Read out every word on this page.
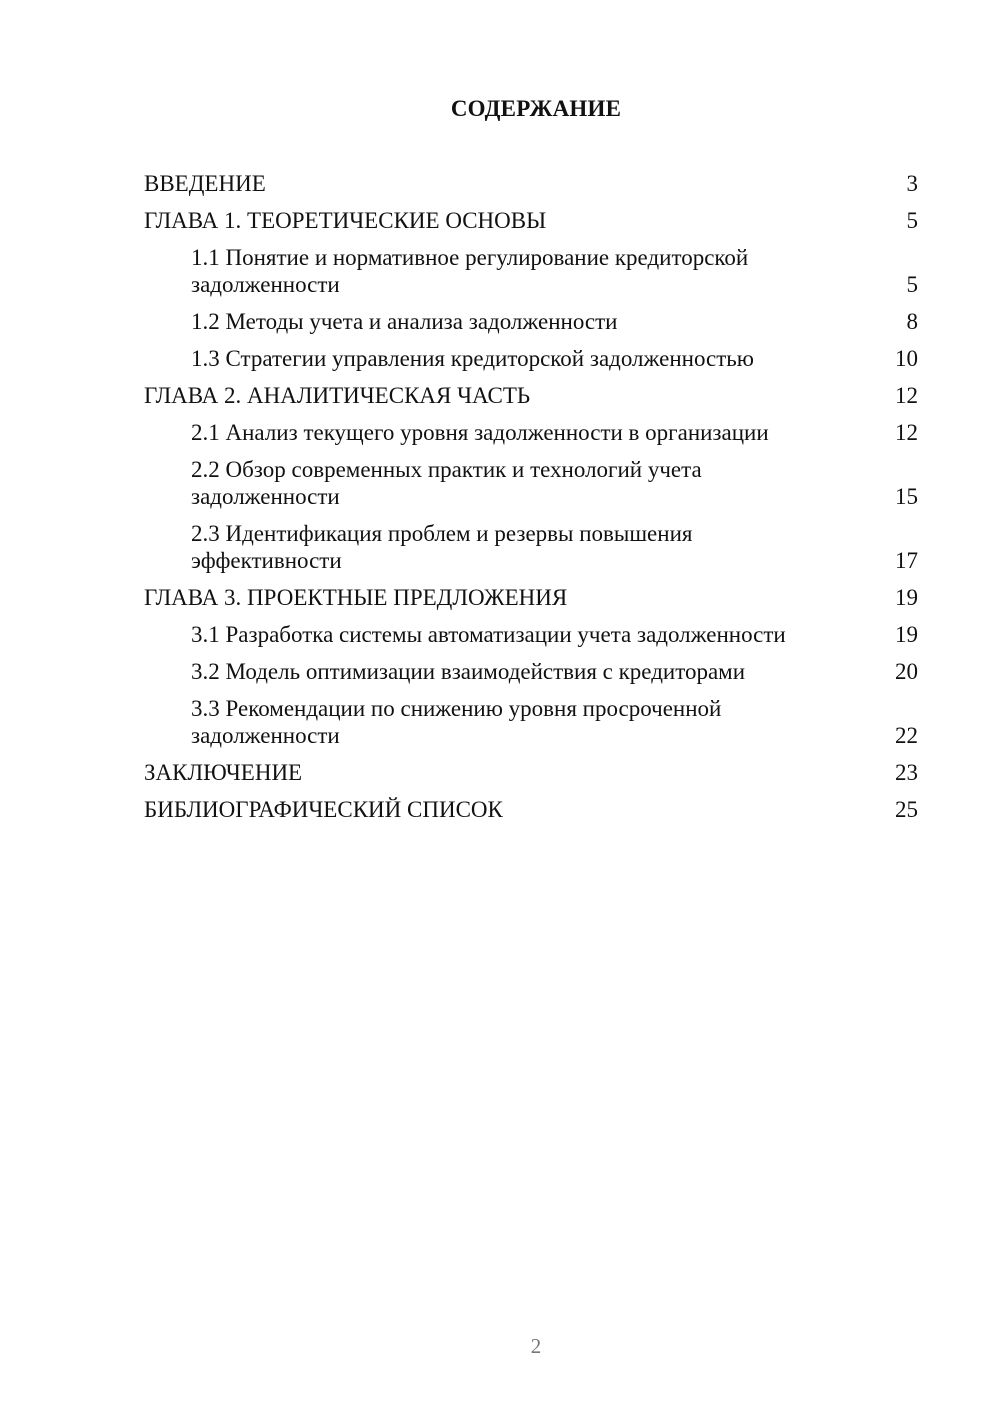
СОДЕРЖАНИЕ
ВВЕДЕНИЕ	3
ГЛАВА 1. ТЕОРЕТИЧЕСКИЕ ОСНОВЫ	5
1.1 Понятие и нормативное регулирование кредиторской задолженности	5
1.2 Методы учета и анализа задолженности	8
1.3 Стратегии управления кредиторской задолженностью	10
ГЛАВА 2. АНАЛИТИЧЕСКАЯ ЧАСТЬ	12
2.1 Анализ текущего уровня задолженности в организации	12
2.2 Обзор современных практик и технологий учета задолженности	15
2.3 Идентификация проблем и резервы повышения эффективности	17
ГЛАВА 3. ПРОЕКТНЫЕ ПРЕДЛОЖЕНИЯ	19
3.1 Разработка системы автоматизации учета задолженности	19
3.2 Модель оптимизации взаимодействия с кредиторами	20
3.3 Рекомендации по снижению уровня просроченной задолженности	22
ЗАКЛЮЧЕНИЕ	23
БИБЛИОГРАФИЧЕСКИЙ СПИСОК	25
2
